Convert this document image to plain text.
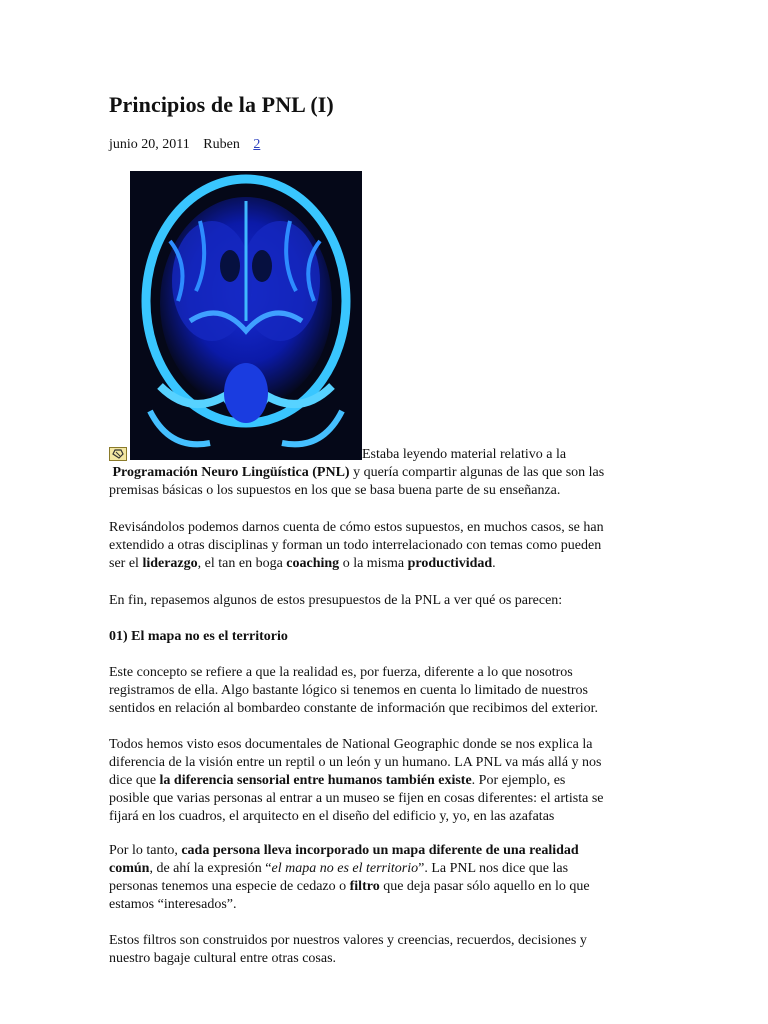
Principios de la PNL (I)
junio 20, 2011 Ruben 2
Estaba leyendo material relativo a la
Programación Neuro Lingüística (PNL) y quería compartir algunas de las que son las
premisas básicas o los supuestos en los que se basa buena parte de su enseñanza.
Revisándolos podemos darnos cuenta de cómo estos supuestos, en muchos casos, se han
extendido a otras disciplinas y forman un todo interrelacionado con temas como pueden
ser el liderazgo, el tan en boga coaching o la misma productividad.
En fin, repasemos algunos de estos presupuestos de la PNL a ver qué os parecen:
01) El mapa no es el territorio
Este concepto se refiere a que la realidad es, por fuerza, diferente a lo que nosotros
registramos de ella. Algo bastante lógico si tenemos en cuenta lo limitado de nuestros
sentidos en relación al bombardeo constante de información que recibimos del exterior.
Todos hemos visto esos documentales de National Geographic donde se nos explica la
diferencia de la visión entre un reptil o un león y un humano. LA PNL va más allá y nos
dice que la diferencia sensorial entre humanos también existe. Por ejemplo, es
posible que varias personas al entrar a un museo se fijen en cosas diferentes: el artista se
fijará en los cuadros, el arquitecto en el diseño del edificio y, yo, en las azafatas
Por lo tanto, cada persona lleva incorporado un mapa diferente de una realidad
común, de ahí la expresión “el mapa no es el territorio”. La PNL nos dice que las
personas tenemos una especie de cedazo o filtro que deja pasar sólo aquello en lo que
estamos “interesados”.
Estos filtros son construidos por nuestros valores y creencias, recuerdos, decisiones y
nuestro bagaje cultural entre otras cosas.
